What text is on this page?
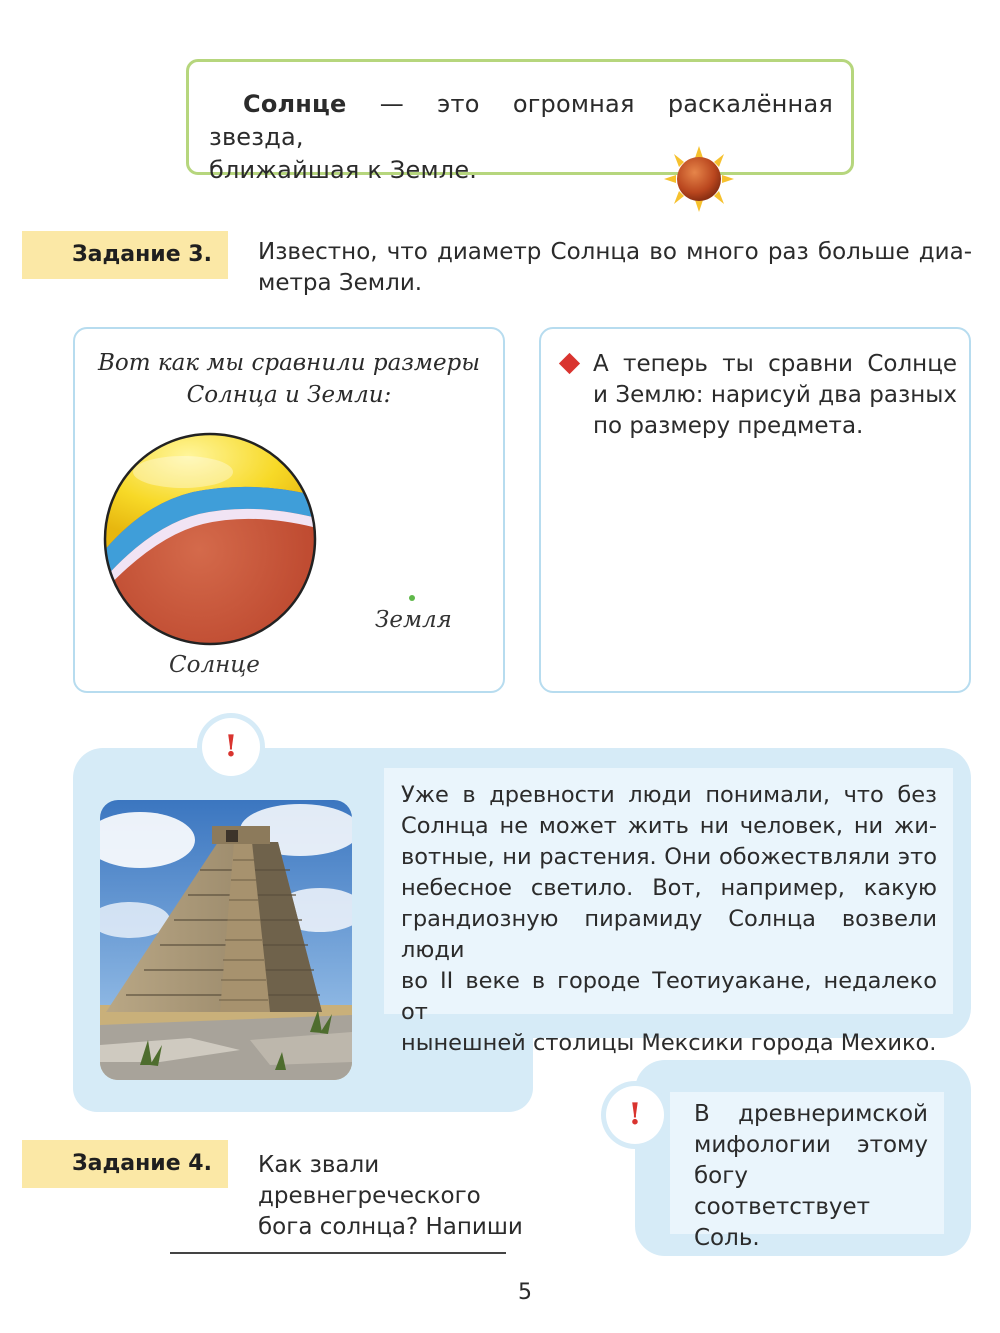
Солнце — это огромная раскалённая звезда,
ближайшая к Земле.
Задание 3.	Известно, что диаметр Солнца во много раз больше диа-
метра Земли.
Вот как мы сравнили размеры
Солнца и Земли:
Земля
Солнце
А теперь ты сравни Солнце
и Землю: нарисуй два разных
по размеру предмета.
!
Уже в древности люди понимали, что без
Солнца не может жить ни человек, ни жи-
вотные, ни растения. Они обожествляли это
небесное светило. Вот, например, какую
грандиозную пирамиду Солнца возвели люди
во II веке в городе Теотиуакане, недалеко от
нынешней столицы Мексики города Мехико.
Задание 4.	Как звали древнегреческого
бога солнца? Напиши
!	В древнеримской
мифологии этому
богу соответствует
Соль.
5
